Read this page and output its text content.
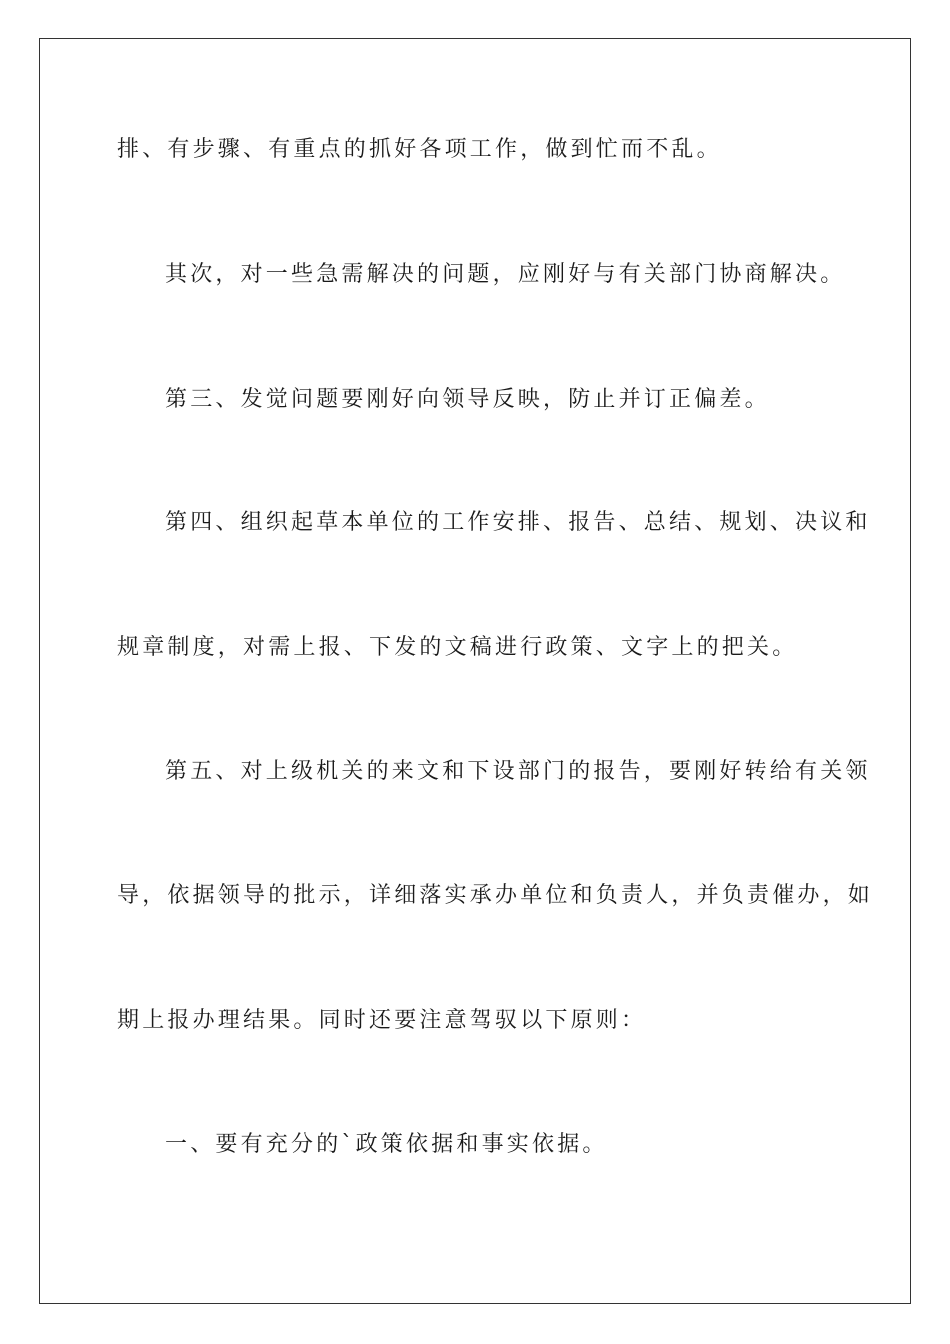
排、有步骤、有重点的抓好各项工作，做到忙而不乱。
其次，对一些急需解决的问题，应刚好与有关部门协商解决。
第三、发觉问题要刚好向领导反映，防止并订正偏差。
第四、组织起草本单位的工作安排、报告、总结、规划、决议和
规章制度，对需上报、下发的文稿进行政策、文字上的把关。
第五、对上级机关的来文和下设部门的报告，要刚好转给有关领
导，依据领导的批示，详细落实承办单位和负责人，并负责催办，如
期上报办理结果。同时还要注意驾驭以下原则：
一、要有充分的`政策依据和事实依据。
